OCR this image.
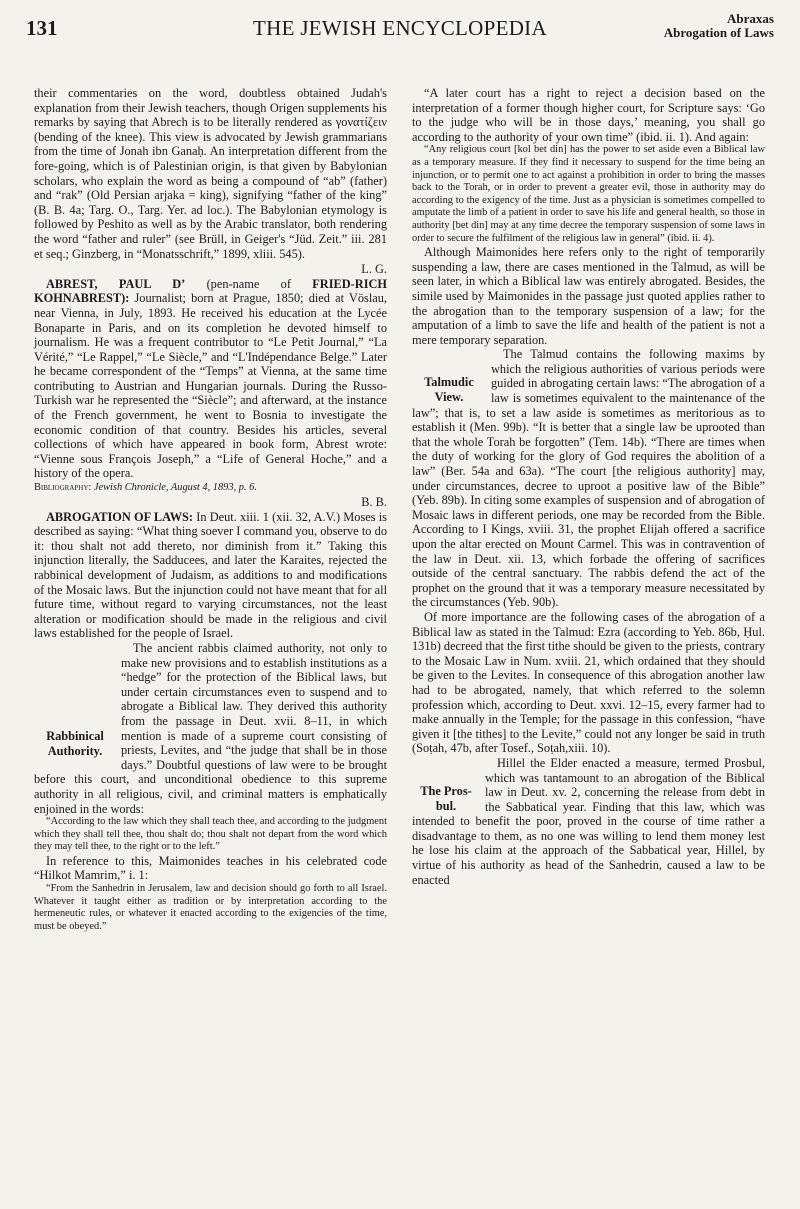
131	THE JEWISH ENCYCLOPEDIA	Abraxas
Abrogation of Laws

their commentaries on the word, doubtless obtained Judah's explanation from their Jewish teachers, though Origen supplements his remarks by saying that Abrech is to be literally rendered as γονατίζειν (bending of the knee). This view is advocated by Jewish grammarians from the time of Jonah ibn Ganaḥ. An interpretation different from the fore-going, which is of Palestinian origin, is that given by Babylonian scholars, who explain the word as being a compound of “ab” (father) and “rak” (Old Persian arjaka = king), signifying “father of the king” (B. B. 4a; Targ. O., Targ. Yer. ad loc.). The Babylonian etymology is followed by Peshito as well as by the Arabic translator, both rendering the word “father and ruler” (see Brüll, in Geiger's “Jüd. Zeit.” iii. 281 et seq.; Ginzberg, in “Monatsschrift,” 1899, xliii. 545).

L. G.

ABREST, PAUL D’ (pen-name of FRIED-RICH KOHNABREST): Journalist; born at Prague, 1850; died at Vöslau, near Vienna, in July, 1893. He received his education at the Lycée Bonaparte in Paris, and on its completion he devoted himself to journalism. He was a frequent contributor to “Le Petit Journal,” “La Vérité,” “Le Rappel,” “Le Siècle,” and “L'Indépendance Belge.” Later he became correspondent of the “Temps” at Vienna, at the same time contributing to Austrian and Hungarian journals. During the Russo-Turkish war he represented the “Siècle”; and afterward, at the instance of the French government, he went to Bosnia to investigate the economic condition of that country. Besides his articles, several collections of which have appeared in book form, Abrest wrote: “Vienne sous François Joseph,” a “Life of General Hoche,” and a history of the opera.

Bibliography: Jewish Chronicle, August 4, 1893, p. 6.

B. B.

ABROGATION OF LAWS: In Deut. xiii. 1 (xii. 32, A.V.) Moses is described as saying: “What thing soever I command you, observe to do it: thou shalt not add thereto, nor diminish from it.” Taking this injunction literally, the Sadducees, and later the Karaites, rejected the rabbinical development of Judaism, as additions to and modifications of the Mosaic laws. But the injunction could not have meant that for all future time, without regard to varying circumstances, not the least alteration or modification should be made in the religious and civil laws established for the people of Israel.

Rabbinical Authority.

The ancient rabbis claimed authority, not only to make new provisions and to establish institutions as a “hedge” for the protection of the Biblical laws, but under certain circumstances even to suspend and to abrogate a Biblical law. They derived this authority from the passage in Deut. xvii. 8–11, in which mention is made of a supreme court consisting of priests, Levites, and “the judge that shall be in those days.” Doubtful questions of law were to be brought before this court, and unconditional obedience to this supreme authority in all religious, civil, and criminal matters is emphatically enjoined in the words:

“According to the law which they shall teach thee, and according to the judgment which they shall tell thee, thou shalt do; thou shalt not depart from the word which they may tell thee, to the right or to the left.”

In reference to this, Maimonides teaches in his celebrated code “Hilkot Mamrim,” i. 1:

“From the Sanhedrin in Jerusalem, law and decision should go forth to all Israel. Whatever it taught either as tradition or by interpretation according to the hermeneutic rules, or whatever it enacted according to the exigencies of the time, must be obeyed.”

“A later court has a right to reject a decision based on the interpretation of a former though higher court, for Scripture says: ‘Go to the judge who will be in those days,’ meaning, you shall go according to the authority of your own time” (ibid. ii. 1). And again:

“Any religious court [kol bet din] has the power to set aside even a Biblical law as a temporary measure. If they find it necessary to suspend for the time being an injunction, or to permit one to act against a prohibition in order to bring the masses back to the Torah, or in order to prevent a greater evil, those in authority may do according to the exigency of the time. Just as a physician is sometimes compelled to amputate the limb of a patient in order to save his life and general health, so those in authority [bet din] may at any time decree the temporary suspension of some laws in order to secure the fulfilment of the religious law in general” (ibid. ii. 4).

Although Maimonides here refers only to the right of temporarily suspending a law, there are cases mentioned in the Talmud, as will be seen later, in which a Biblical law was entirely abrogated. Besides, the simile used by Maimonides in the passage just quoted applies rather to the abrogation than to the temporary suspension of a law; for the amputation of a limb to save the life and health of the patient is not a mere temporary separation.

Talmudic View.

The Talmud contains the following maxims by which the religious authorities of various periods were guided in abrogating certain laws: “The abrogation of a law is sometimes equivalent to the maintenance of the law”; that is, to set a law aside is sometimes as meritorious as to establish it (Men. 99b). “It is better that a single law be uprooted than that the whole Torah be forgotten” (Tem. 14b). “There are times when the duty of working for the glory of God requires the abolition of a law” (Ber. 54a and 63a). “The court [the religious authority] may, under circumstances, decree to uproot a positive law of the Bible” (Yeb. 89b). In citing some examples of suspension and of abrogation of Mosaic laws in different periods, one may be recorded from the Bible. According to I Kings, xviii. 31, the prophet Elijah offered a sacrifice upon the altar erected on Mount Carmel. This was in contravention of the law in Deut. xii. 13, which forbade the offering of sacrifices outside of the central sanctuary. The rabbis defend the act of the prophet on the ground that it was a temporary measure necessitated by the circumstances (Yeb. 90b).

Of more importance are the following cases of the abrogation of a Biblical law as stated in the Talmud: Ezra (according to Yeb. 86b, Ḥul. 131b) decreed that the first tithe should be given to the priests, contrary to the Mosaic Law in Num. xviii. 21, which ordained that they should be given to the Levites. In consequence of this abrogation another law had to be abrogated, namely, that which referred to the solemn profession which, according to Deut. xxvi. 12–15, every farmer had to make annually in the Temple; for the passage in this confession, “have given it [the tithes] to the Levite,” could not any longer be said in truth (Soṭah, 47b, after Tosef., Soṭah,xiii. 10).

The Pros-bul.

Hillel the Elder enacted a measure, termed Prosbul, which was tantamount to an abrogation of the Biblical law in Deut. xv. 2, concerning the release from debt in the Sabbatical year. Finding that this law, which was intended to benefit the poor, proved in the course of time rather a disadvantage to them, as no one was willing to lend them money lest he lose his claim at the approach of the Sabbatical year, Hillel, by virtue of his authority as head of the Sanhedrin, caused a law to be enacted
